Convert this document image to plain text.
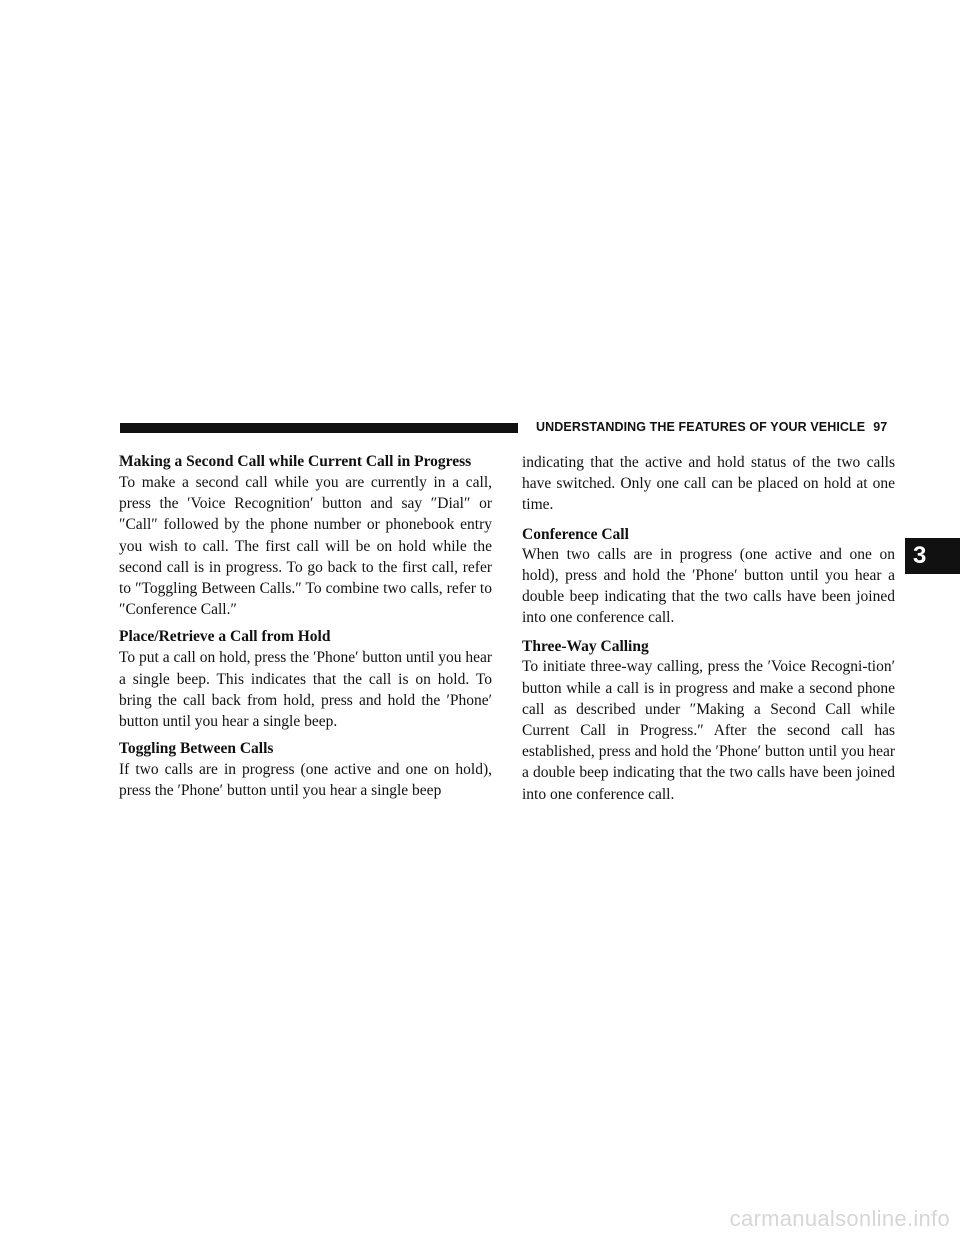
UNDERSTANDING THE FEATURES OF YOUR VEHICLE 97
Making a Second Call while Current Call in Progress

To make a second call while you are currently in a call, press the ′Voice Recognition′ button and say ″Dial″ or ″Call″ followed by the phone number or phonebook entry you wish to call. The first call will be on hold while the second call is in progress. To go back to the first call, refer to ″Toggling Between Calls.″ To combine two calls, refer to ″Conference Call.″

Place/Retrieve a Call from Hold

To put a call on hold, press the ′Phone′ button until you hear a single beep. This indicates that the call is on hold. To bring the call back from hold, press and hold the ′Phone′ button until you hear a single beep.

Toggling Between Calls

If two calls are in progress (one active and one on hold), press the ′Phone′ button until you hear a single beep

indicating that the active and hold status of the two calls have switched. Only one call can be placed on hold at one time.

Conference Call

When two calls are in progress (one active and one on hold), press and hold the ′Phone′ button until you hear a double beep indicating that the two calls have been joined into one conference call.

Three-Way Calling

To initiate three-way calling, press the ′Voice Recogni-tion′ button while a call is in progress and make a second phone call as described under ″Making a Second Call while Current Call in Progress.″ After the second call has established, press and hold the ′Phone′ button until you hear a double beep indicating that the two calls have been joined into one conference call.

3
carmanualsonline.info
